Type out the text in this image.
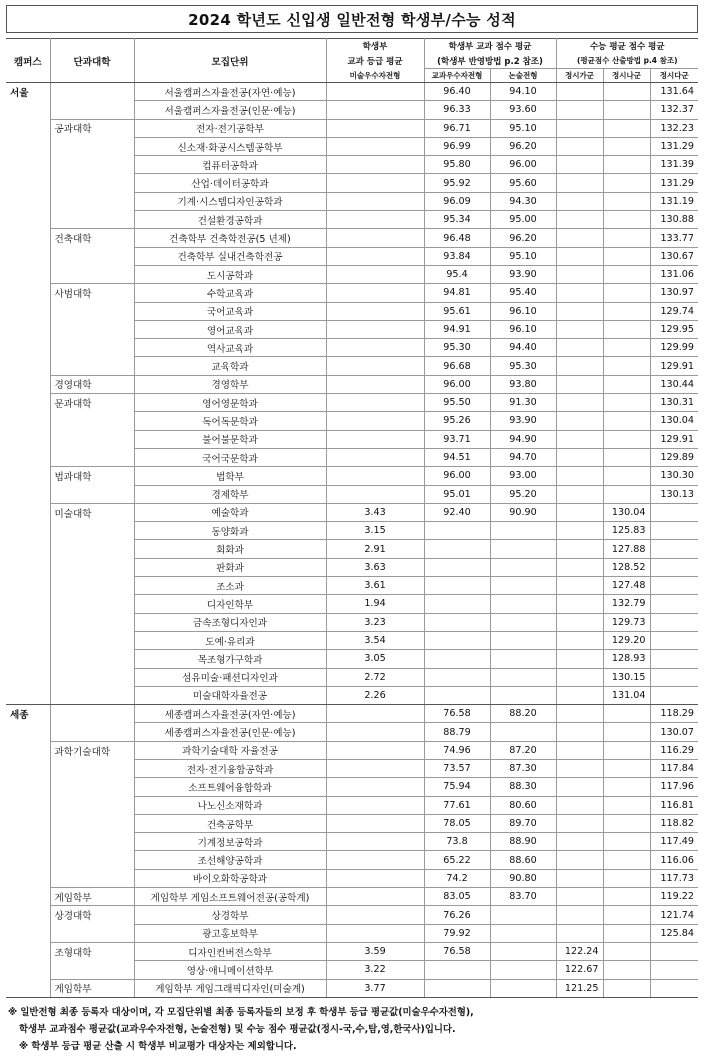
2024 학년도 신입생 일반전형 학생부/수능 성적
캠퍼스	단과대학	모집단위	학생부	학생부 교과 점수 평균		수능 평균 점수 평균		
			교과 등급 평균	(학생부 반영방법 p.2 참조)		(평균점수 산출방법 p.4 참조)		
			미술우수자전형	교과우수자전형	논술전형	정시가군	정시나군	정시다군
서울		서울캠퍼스자율전공(자연·예능)		96.40	94.10			131.64
		서울캠퍼스자율전공(인문·예능)		96.33	93.60			132.37
	공과대학	전자·전기공학부		96.71	95.10			132.23
		신소재·화공시스템공학부		96.99	96.20			131.29
		컴퓨터공학과		95.80	96.00			131.39
		산업·데이터공학과		95.92	95.60			131.29
		기계·시스템디자인공학과		96.09	94.30			131.19
		건설환경공학과		95.34	95.00			130.88
	건축대학	건축학부 건축학전공(5 년제)		96.48	96.20			133.77
		건축학부 실내건축학전공		93.84	95.10			130.67
		도시공학과		95.4	93.90			131.06
	사범대학	수학교육과		94.81	95.40			130.97
		국어교육과		95.61	96.10			129.74
		영어교육과		94.91	96.10			129.95
		역사교육과		95.30	94.40			129.99
		교육학과		96.68	95.30			129.91
	경영대학	경영학부		96.00	93.80			130.44
	문과대학	영어영문학과		95.50	91.30			130.31
		독어독문학과		95.26	93.90			130.04
		불어불문학과		93.71	94.90			129.91
		국어국문학과		94.51	94.70			129.89
	법과대학	법학부		96.00	93.00			130.30
		경제학부		95.01	95.20			130.13
	미술대학	예술학과	3.43	92.40	90.90		130.04	
		동양화과	3.15				125.83	
		회화과	2.91				127.88	
		판화과	3.63				128.52	
		조소과	3.61				127.48	
		디자인학부	1.94				132.79	
		금속조형디자인과	3.23				129.73	
		도예·유리과	3.54				129.20	
		목조형가구학과	3.05				128.93	
		섬유미술·패션디자인과	2.72				130.15	
		미술대학자율전공	2.26				131.04	
세종		세종캠퍼스자율전공(자연·예능)		76.58	88.20			118.29
		세종캠퍼스자율전공(인문·예능)		88.79				130.07
	과학기술대학	과학기술대학 자율전공		74.96	87.20			116.29
		전자·전기융합공학과		73.57	87.30			117.84
		소프트웨어융합학과		75.94	88.30			117.96
		나노신소재학과		77.61	80.60			116.81
		건축공학부		78.05	89.70			118.82
		기계정보공학과		73.8	88.90			117.49
		조선해양공학과		65.22	88.60			116.06
		바이오화학공학과		74.2	90.80			117.73
	게임학부	게임학부 게임소프트웨어전공(공학계)		83.05	83.70			119.22
	상경대학	상경학부		76.26				121.74
		광고홍보학부		79.92				125.84
	조형대학	디자인컨버전스학부	3.59	76.58		122.24		
		영상·애니메이션학부	3.22			122.67		
	게임학부	게임학부 게임그래픽디자인(미술계)	3.77			121.25		
※ 일반전형 최종 등록자 대상이며, 각 모집단위별 최종 등록자들의 보정 후 학생부 등급 평균값(미술우수자전형),
학생부 교과점수 평균값(교과우수자전형, 논술전형) 및 수능 점수 평균값(정시-국,수,탐,영,한국사)입니다.
※ 학생부 등급 평균 산출 시 학생부 비교평가 대상자는 제외합니다.
